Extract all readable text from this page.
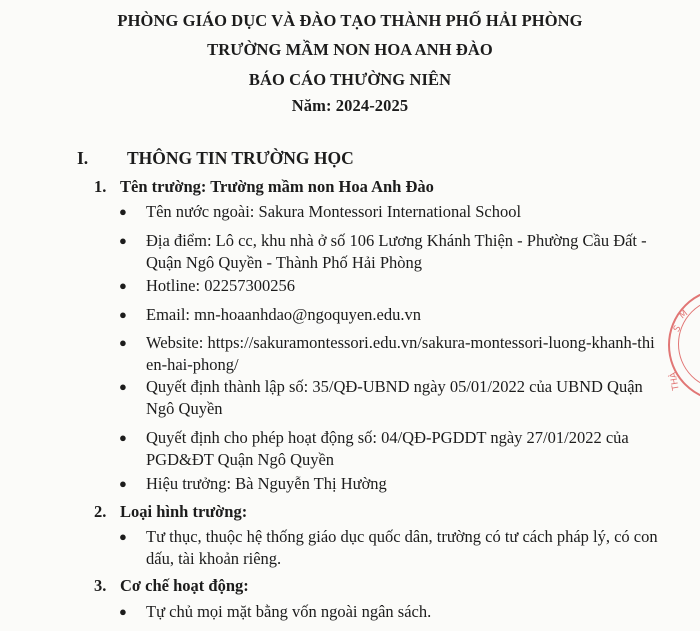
PHÒNG GIÁO DỤC VÀ ĐÀO TẠO THÀNH PHỐ HẢI PHÒNG
TRƯỜNG MẦM NON HOA ANH ĐÀO
BÁO CÁO THƯỜNG NIÊN
Năm: 2024-2025
I. THÔNG TIN TRƯỜNG HỌC
1. Tên trường: Trường mầm non Hoa Anh Đào
● Tên nước ngoài: Sakura Montessori International School
●	Địa điểm: Lô cc, khu nhà ở số 106 Lương Khánh Thiện - Phường Cầu Đất - Quận Ngô Quyền - Thành Phố Hải Phòng
● Hotline: 02257300256
● Email: mn-hoaanhdao@ngoquyen.edu.vn
● Website: https://sakuramontessori.edu.vn/sakura-montessori-luong-khanh-thien-hai-phong/
● Quyết định thành lập số: 35/QĐ-UBND ngày 05/01/2022 của UBND Quận Ngô Quyền
● Quyết định cho phép hoạt động số: 04/QĐ-PGDDT ngày 27/01/2022 của PGD&ĐT Quận Ngô Quyền
● Hiệu trưởng: Bà Nguyễn Thị Hường
2. Loại hình trường:
● Tư thục, thuộc hệ thống giáo dục quốc dân, trường có tư cách pháp lý, có con dấu, tài khoản riêng.
3. Cơ chế hoạt động:
● Tự chủ mọi mặt bằng vốn ngoài ngân sách.
M
S
THÀ
